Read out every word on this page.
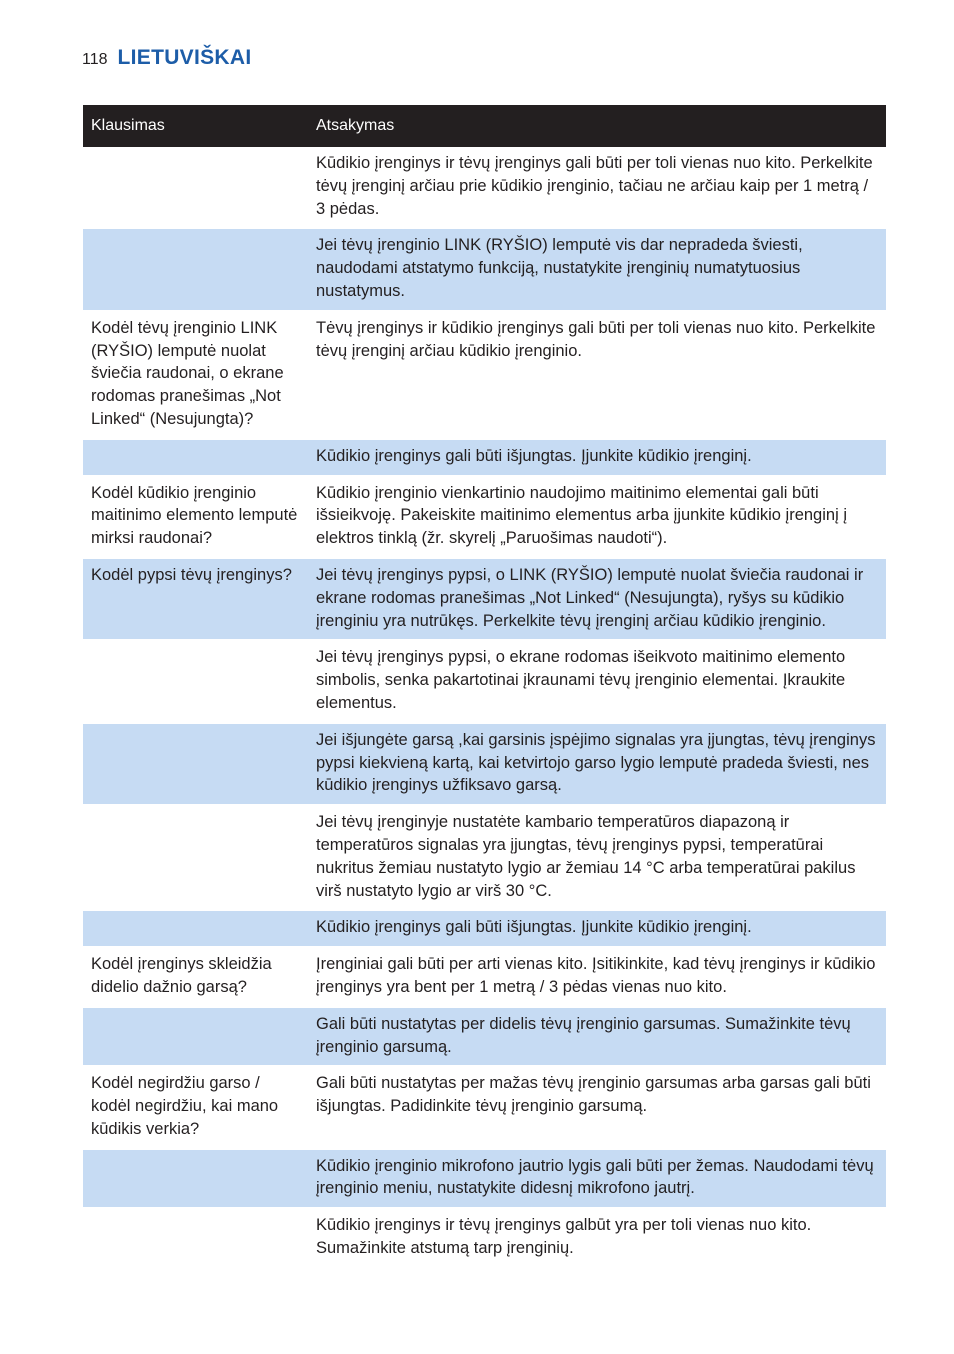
118 LIETUVIŠKAI
Klausimas	Atsakymas
	Kūdikio įrenginys ir tėvų įrenginys gali būti per toli vienas nuo kito. Perkelkite tėvų įrenginį arčiau prie kūdikio įrenginio, tačiau ne arčiau kaip per 1 metrą / 3 pėdas.
	Jei tėvų įrenginio LINK (RYŠIO) lemputė vis dar nepradeda šviesti, naudodami atstatymo funkciją, nustatykite įrenginių numatytuosius nustatymus.
Kodėl tėvų įrenginio LINK (RYŠIO) lemputė nuolat šviečia raudonai, o ekrane rodomas pranešimas „Not Linked“ (Nesujungta)?	Tėvų įrenginys ir kūdikio įrenginys gali būti per toli vienas nuo kito. Perkelkite tėvų įrenginį arčiau kūdikio įrenginio.
	Kūdikio įrenginys gali būti išjungtas. Įjunkite kūdikio įrenginį.
Kodėl kūdikio įrenginio maitinimo elemento lemputė mirksi raudonai?	Kūdikio įrenginio vienkartinio naudojimo maitinimo elementai gali būti išsieikvoję. Pakeiskite maitinimo elementus arba įjunkite kūdikio įrenginį į elektros tinklą (žr. skyrelį „Paruošimas naudoti“).
Kodėl pypsi tėvų įrenginys?	Jei tėvų įrenginys pypsi, o LINK (RYŠIO) lemputė nuolat šviečia raudonai ir ekrane rodomas pranešimas „Not Linked“ (Nesujungta), ryšys su kūdikio įrenginiu yra nutrūkęs. Perkelkite tėvų įrenginį arčiau kūdikio įrenginio.
	Jei tėvų įrenginys pypsi, o ekrane rodomas išeikvoto maitinimo elemento simbolis, senka pakartotinai įkraunami tėvų įrenginio elementai. Įkraukite elementus.
	Jei išjungėte garsą ,kai garsinis įspėjimo signalas yra įjungtas, tėvų įrenginys pypsi kiekvieną kartą, kai ketvirtojo garso lygio lemputė pradeda šviesti, nes kūdikio įrenginys užfiksavo garsą.
	Jei tėvų įrenginyje nustatėte kambario temperatūros diapazoną ir temperatūros signalas yra įjungtas, tėvų įrenginys pypsi, temperatūrai nukritus žemiau nustatyto lygio ar žemiau 14 °C arba temperatūrai pakilus virš nustatyto lygio ar virš 30 °C.
	Kūdikio įrenginys gali būti išjungtas. Įjunkite kūdikio įrenginį.
Kodėl įrenginys skleidžia didelio dažnio garsą?	Įrenginiai gali būti per arti vienas kito. Įsitikinkite, kad tėvų įrenginys ir kūdikio įrenginys yra bent per 1 metrą / 3 pėdas vienas nuo kito.
	Gali būti nustatytas per didelis tėvų įrenginio garsumas. Sumažinkite tėvų įrenginio garsumą.
Kodėl negirdžiu garso / kodėl negirdžiu, kai mano kūdikis verkia?	Gali būti nustatytas per mažas tėvų įrenginio garsumas arba garsas gali būti išjungtas. Padidinkite tėvų įrenginio garsumą.
	Kūdikio įrenginio mikrofono jautrio lygis gali būti per žemas. Naudodami tėvų įrenginio meniu, nustatykite didesnį mikrofono jautrį.
	Kūdikio įrenginys ir tėvų įrenginys galbūt yra per toli vienas nuo kito. Sumažinkite atstumą tarp įrenginių.
